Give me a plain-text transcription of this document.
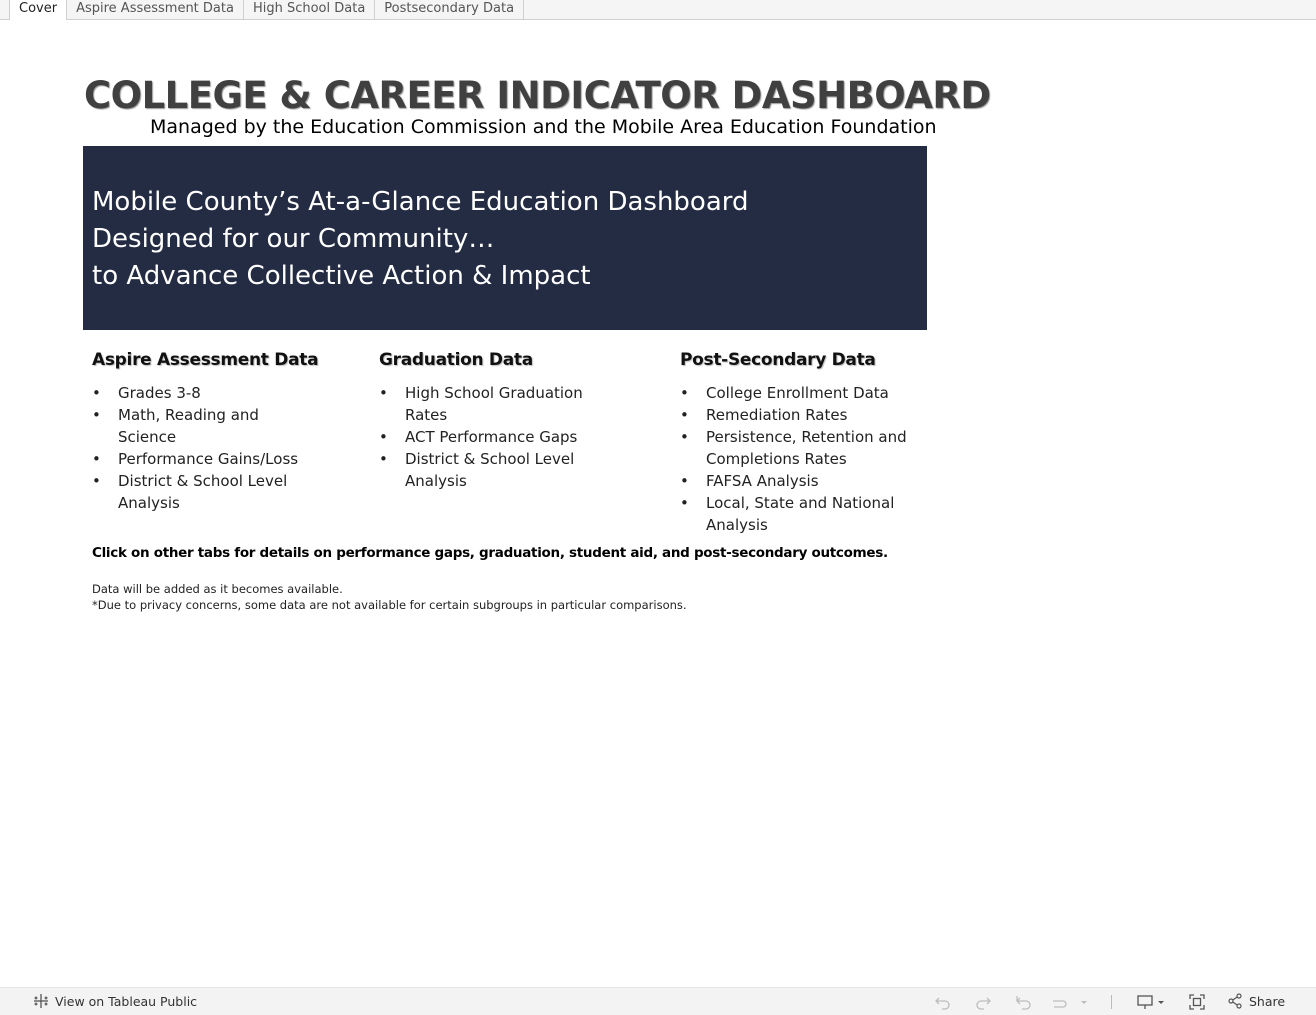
Cover	Aspire Assessment Data	High School Data	Postsecondary Data
COLLEGE & CAREER INDICATOR DASHBOARD
Managed by the Education Commission and the Mobile Area Education Foundation
Mobile County’s At-a-Glance Education Dashboard
Designed for our Community…
to Advance Collective Action & Impact
Aspire Assessment Data
• Grades 3-8
• Math, Reading and Science
• Performance Gains/Loss
• District & School Level Analysis
Graduation Data
• High School Graduation Rates
• ACT Performance Gaps
• District & School Level Analysis
Post-Secondary Data
• College Enrollment Data
• Remediation Rates
• Persistence, Retention and Completions Rates
• FAFSA Analysis
• Local, State and National Analysis
Click on other tabs for details on performance gaps, graduation, student aid, and post-secondary outcomes.
Data will be added as it becomes available.
*Due to privacy concerns, some data are not available for certain subgroups in particular comparisons.
View on Tableau Public	Share
